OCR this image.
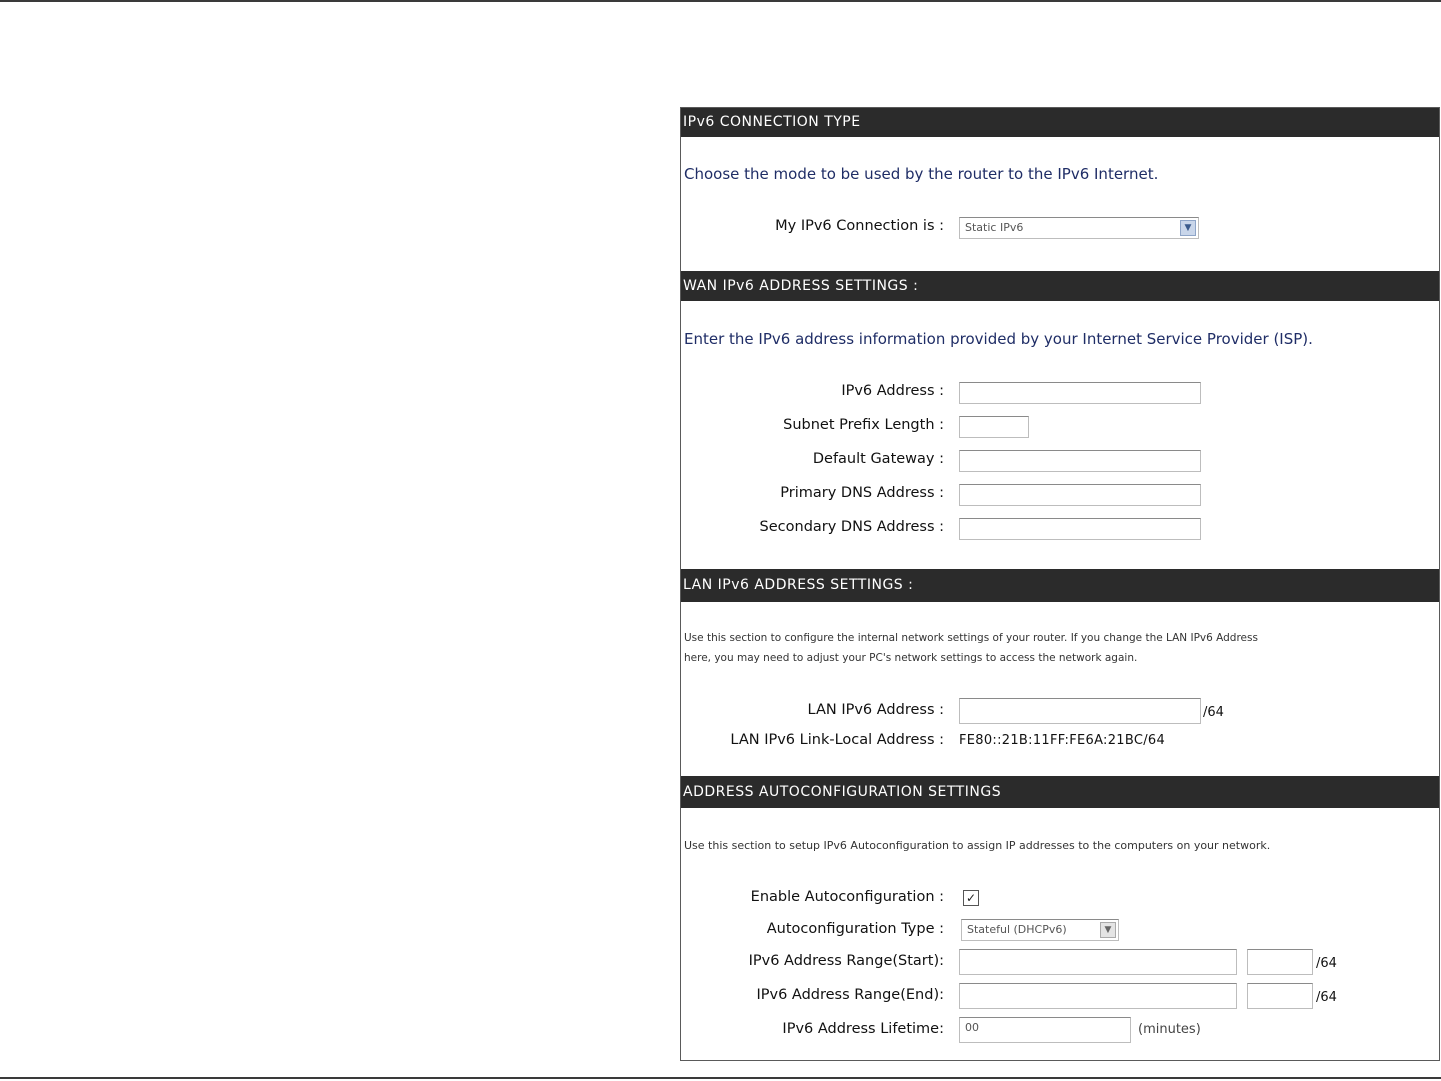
IPv6 CONNECTION TYPE
Choose the mode to be used by the router to the IPv6 Internet.
My IPv6 Connection is :	Static IPv6	▼
WAN IPv6 ADDRESS SETTINGS :
Enter the IPv6 address information provided by your Internet Service Provider (ISP).
IPv6 Address :
Subnet Prefix Length :
Default Gateway :
Primary DNS Address :
Secondary DNS Address :
LAN IPv6 ADDRESS SETTINGS :
Use this section to configure the internal network settings of your router. If you change the LAN IPv6 Address
here, you may need to adjust your PC's network settings to access the network again.
LAN IPv6 Address :	/64
LAN IPv6 Link-Local Address : FE80::21B:11FF:FE6A:21BC/64
ADDRESS AUTOCONFIGURATION SETTINGS
Use this section to setup IPv6 Autoconfiguration to assign IP addresses to the computers on your network.
Enable Autoconfiguration : ✓
Autoconfiguration Type :	Stateful (DHCPv6)	▼
IPv6 Address Range(Start):	/64
IPv6 Address Range(End):	/64
IPv6 Address Lifetime:	00	(minutes)
